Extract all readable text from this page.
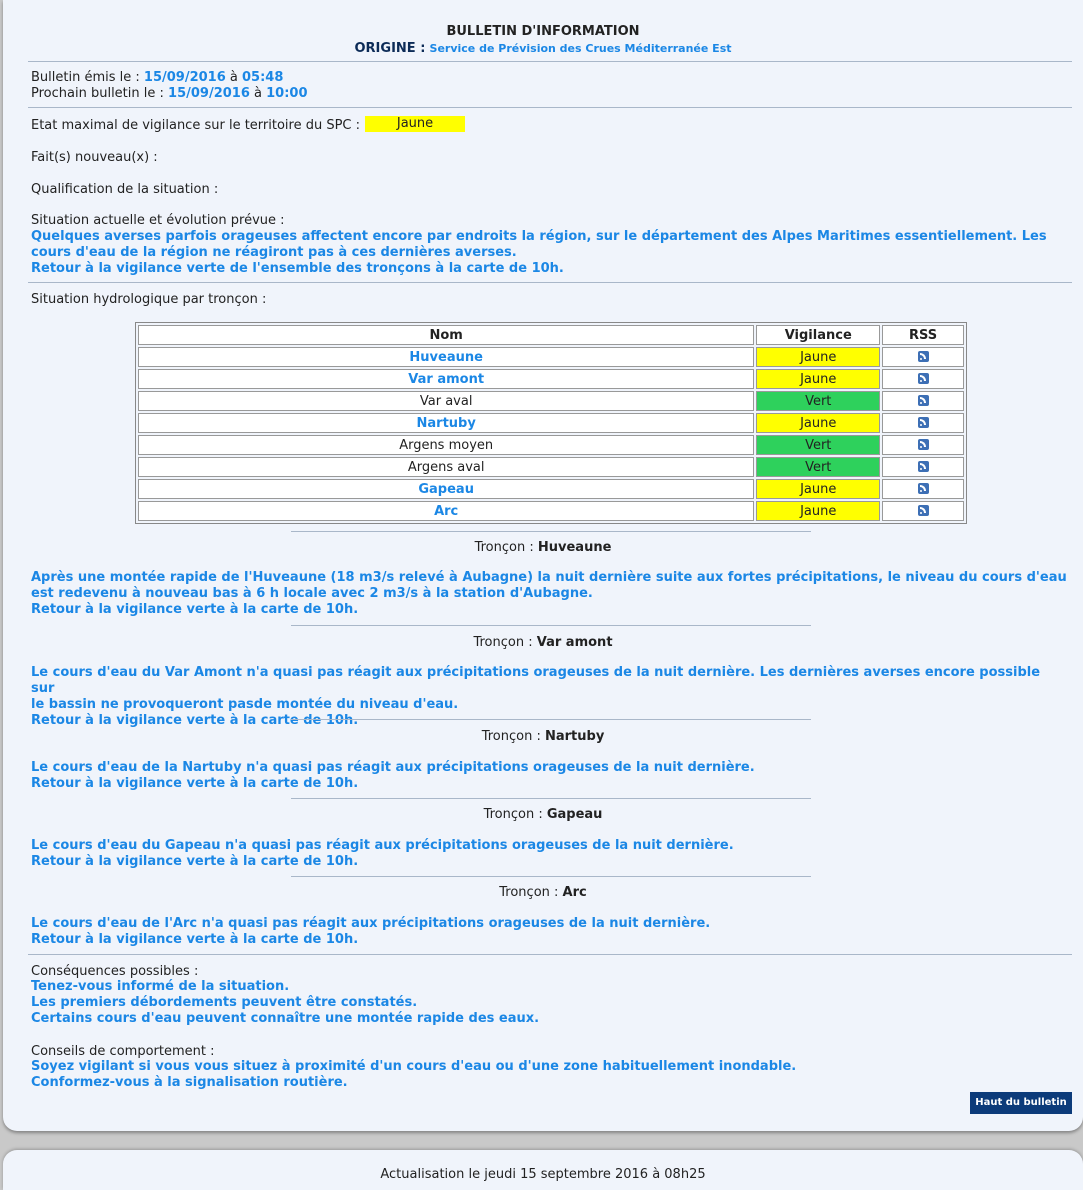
BULLETIN D'INFORMATION
ORIGINE : Service de Prévision des Crues Méditerranée Est
Bulletin émis le : 15/09/2016 à 05:48
Prochain bulletin le : 15/09/2016 à 10:00
Etat maximal de vigilance sur le territoire du SPC :	Jaune
Fait(s) nouveau(x) :
Qualification de la situation :
Situation actuelle et évolution prévue :
Quelques averses parfois orageuses affectent encore par endroits la région, sur le département des Alpes Maritimes essentiellement. Les
cours d'eau de la région ne réagiront pas à ces dernières averses.
Retour à la vigilance verte de l'ensemble des tronçons à la carte de 10h.
Situation hydrologique par tronçon :
Nom	Vigilance	RSS
Huveaune	Jaune	
Var amont	Jaune	
Var aval	Vert	
Nartuby	Jaune	
Argens moyen	Vert	
Argens aval	Vert	
Gapeau	Jaune	
Arc	Jaune	
Tronçon : Huveaune
Après une montée rapide de l'Huveaune (18 m3/s relevé à Aubagne) la nuit dernière suite aux fortes précipitations, le niveau du cours d'eau
est redevenu à nouveau bas à 6 h locale avec 2 m3/s à la station d'Aubagne.
Retour à la vigilance verte à la carte de 10h.
Tronçon : Var amont
Le cours d'eau du Var Amont n'a quasi pas réagit aux précipitations orageuses de la nuit dernière. Les dernières averses encore possible sur
le bassin ne provoqueront pasde montée du niveau d'eau.
Retour à la vigilance verte à la carte de 10h.
Tronçon : Nartuby
Le cours d'eau de la Nartuby n'a quasi pas réagit aux précipitations orageuses de la nuit dernière.
Retour à la vigilance verte à la carte de 10h.
Tronçon : Gapeau
Le cours d'eau du Gapeau n'a quasi pas réagit aux précipitations orageuses de la nuit dernière.
Retour à la vigilance verte à la carte de 10h.
Tronçon : Arc
Le cours d'eau de l'Arc n'a quasi pas réagit aux précipitations orageuses de la nuit dernière.
Retour à la vigilance verte à la carte de 10h.
Conséquences possibles :
Tenez-vous informé de la situation.
Les premiers débordements peuvent être constatés.
Certains cours d'eau peuvent connaître une montée rapide des eaux.
Conseils de comportement :
Soyez vigilant si vous vous situez à proximité d'un cours d'eau ou d'une zone habituellement inondable.
Conformez-vous à la signalisation routière.
Haut du bulletin
Actualisation le jeudi 15 septembre 2016 à 08h25
